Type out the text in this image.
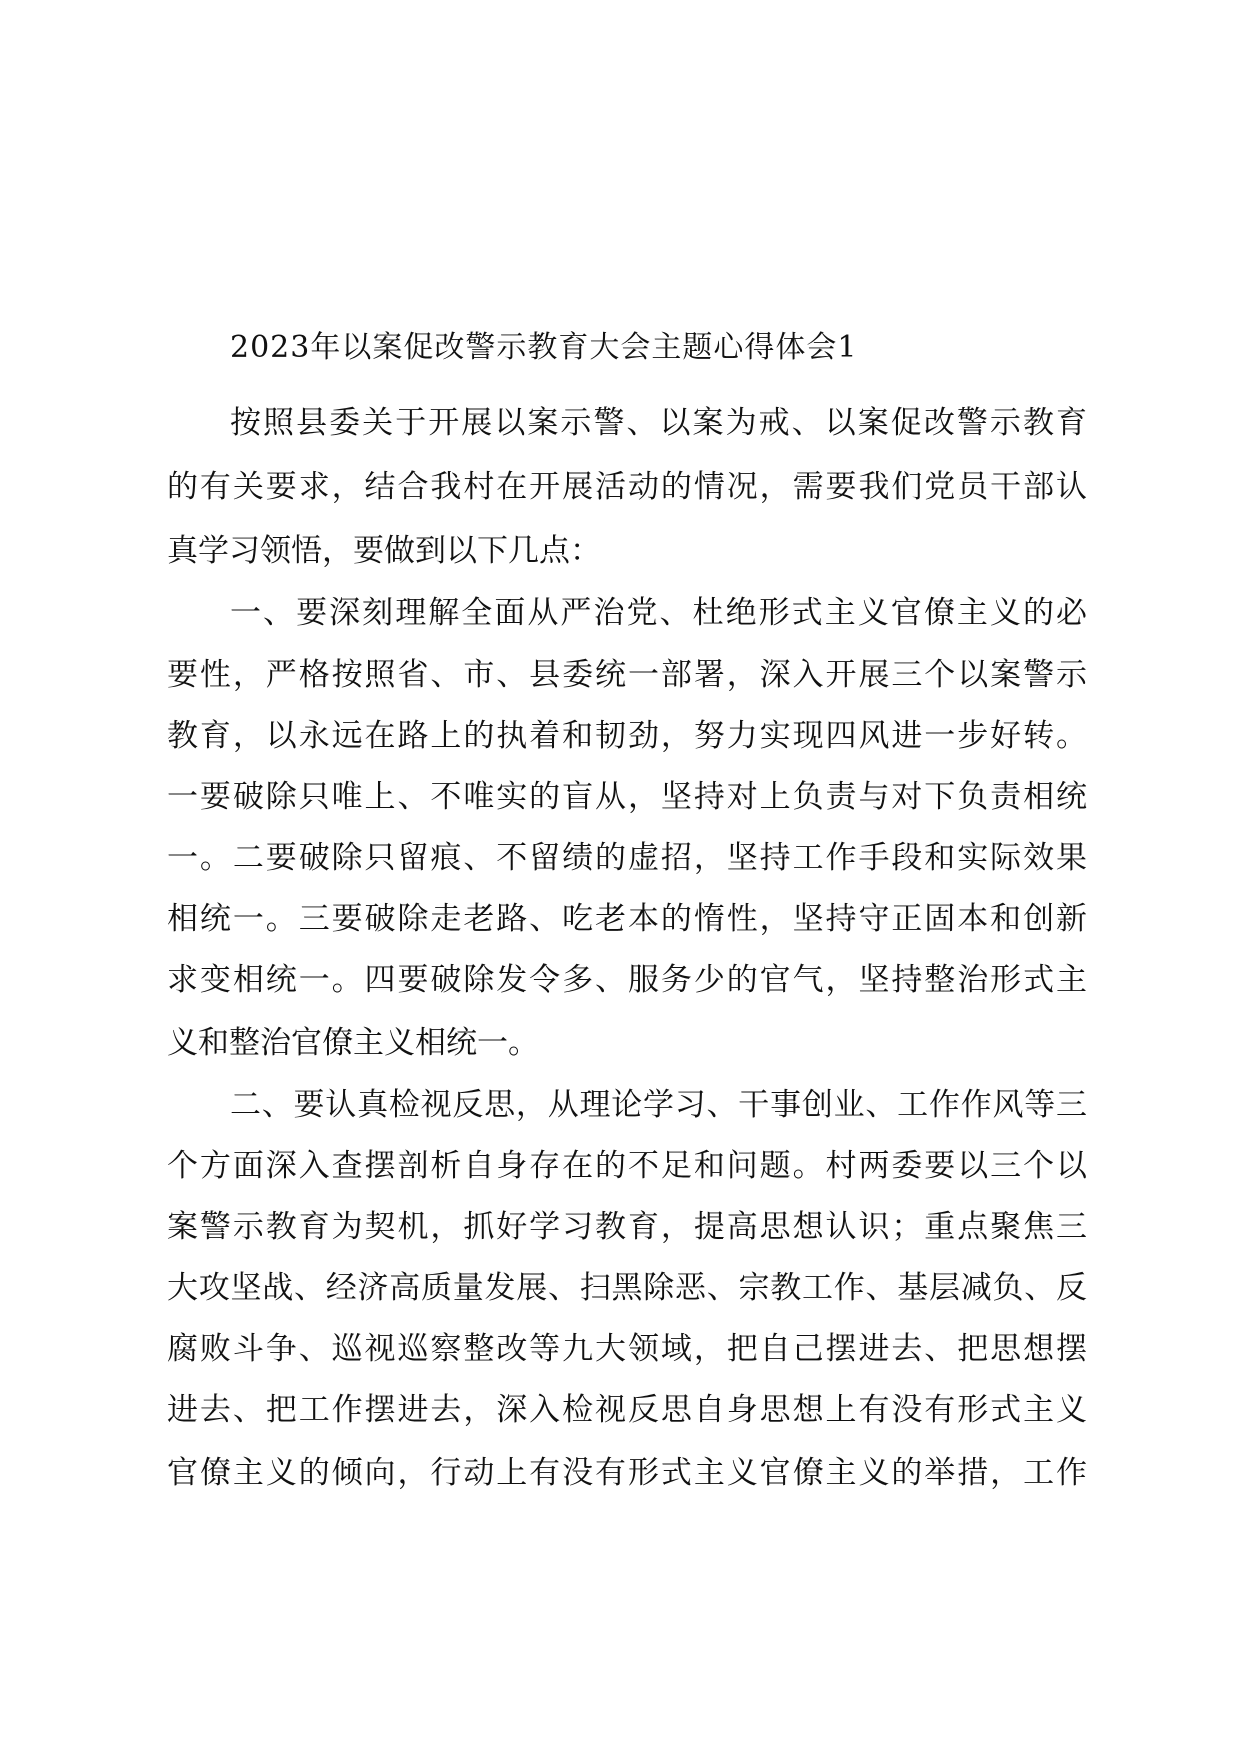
2023年以案促改警示教育大会主题心得体会1
按照县委关于开展以案示警、以案为戒、以案促改警示教育
的有关要求，结合我村在开展活动的情况，需要我们党员干部认
真学习领悟，要做到以下几点：
一、要深刻理解全面从严治党、杜绝形式主义官僚主义的必
要性，严格按照省、市、县委统一部署，深入开展三个以案警示
教育，以永远在路上的执着和韧劲，努力实现四风进一步好转。
一要破除只唯上、不唯实的盲从，坚持对上负责与对下负责相统
一。二要破除只留痕、不留绩的虚招，坚持工作手段和实际效果
相统一。三要破除走老路、吃老本的惰性，坚持守正固本和创新
求变相统一。四要破除发令多、服务少的官气，坚持整治形式主
义和整治官僚主义相统一。
二、要认真检视反思，从理论学习、干事创业、工作作风等三
个方面深入查摆剖析自身存在的不足和问题。村两委要以三个以
案警示教育为契机，抓好学习教育，提高思想认识；重点聚焦三
大攻坚战、经济高质量发展、扫黑除恶、宗教工作、基层减负、反
腐败斗争、巡视巡察整改等九大领域，把自己摆进去、把思想摆
进去、把工作摆进去，深入检视反思自身思想上有没有形式主义
官僚主义的倾向，行动上有没有形式主义官僚主义的举措，工作
